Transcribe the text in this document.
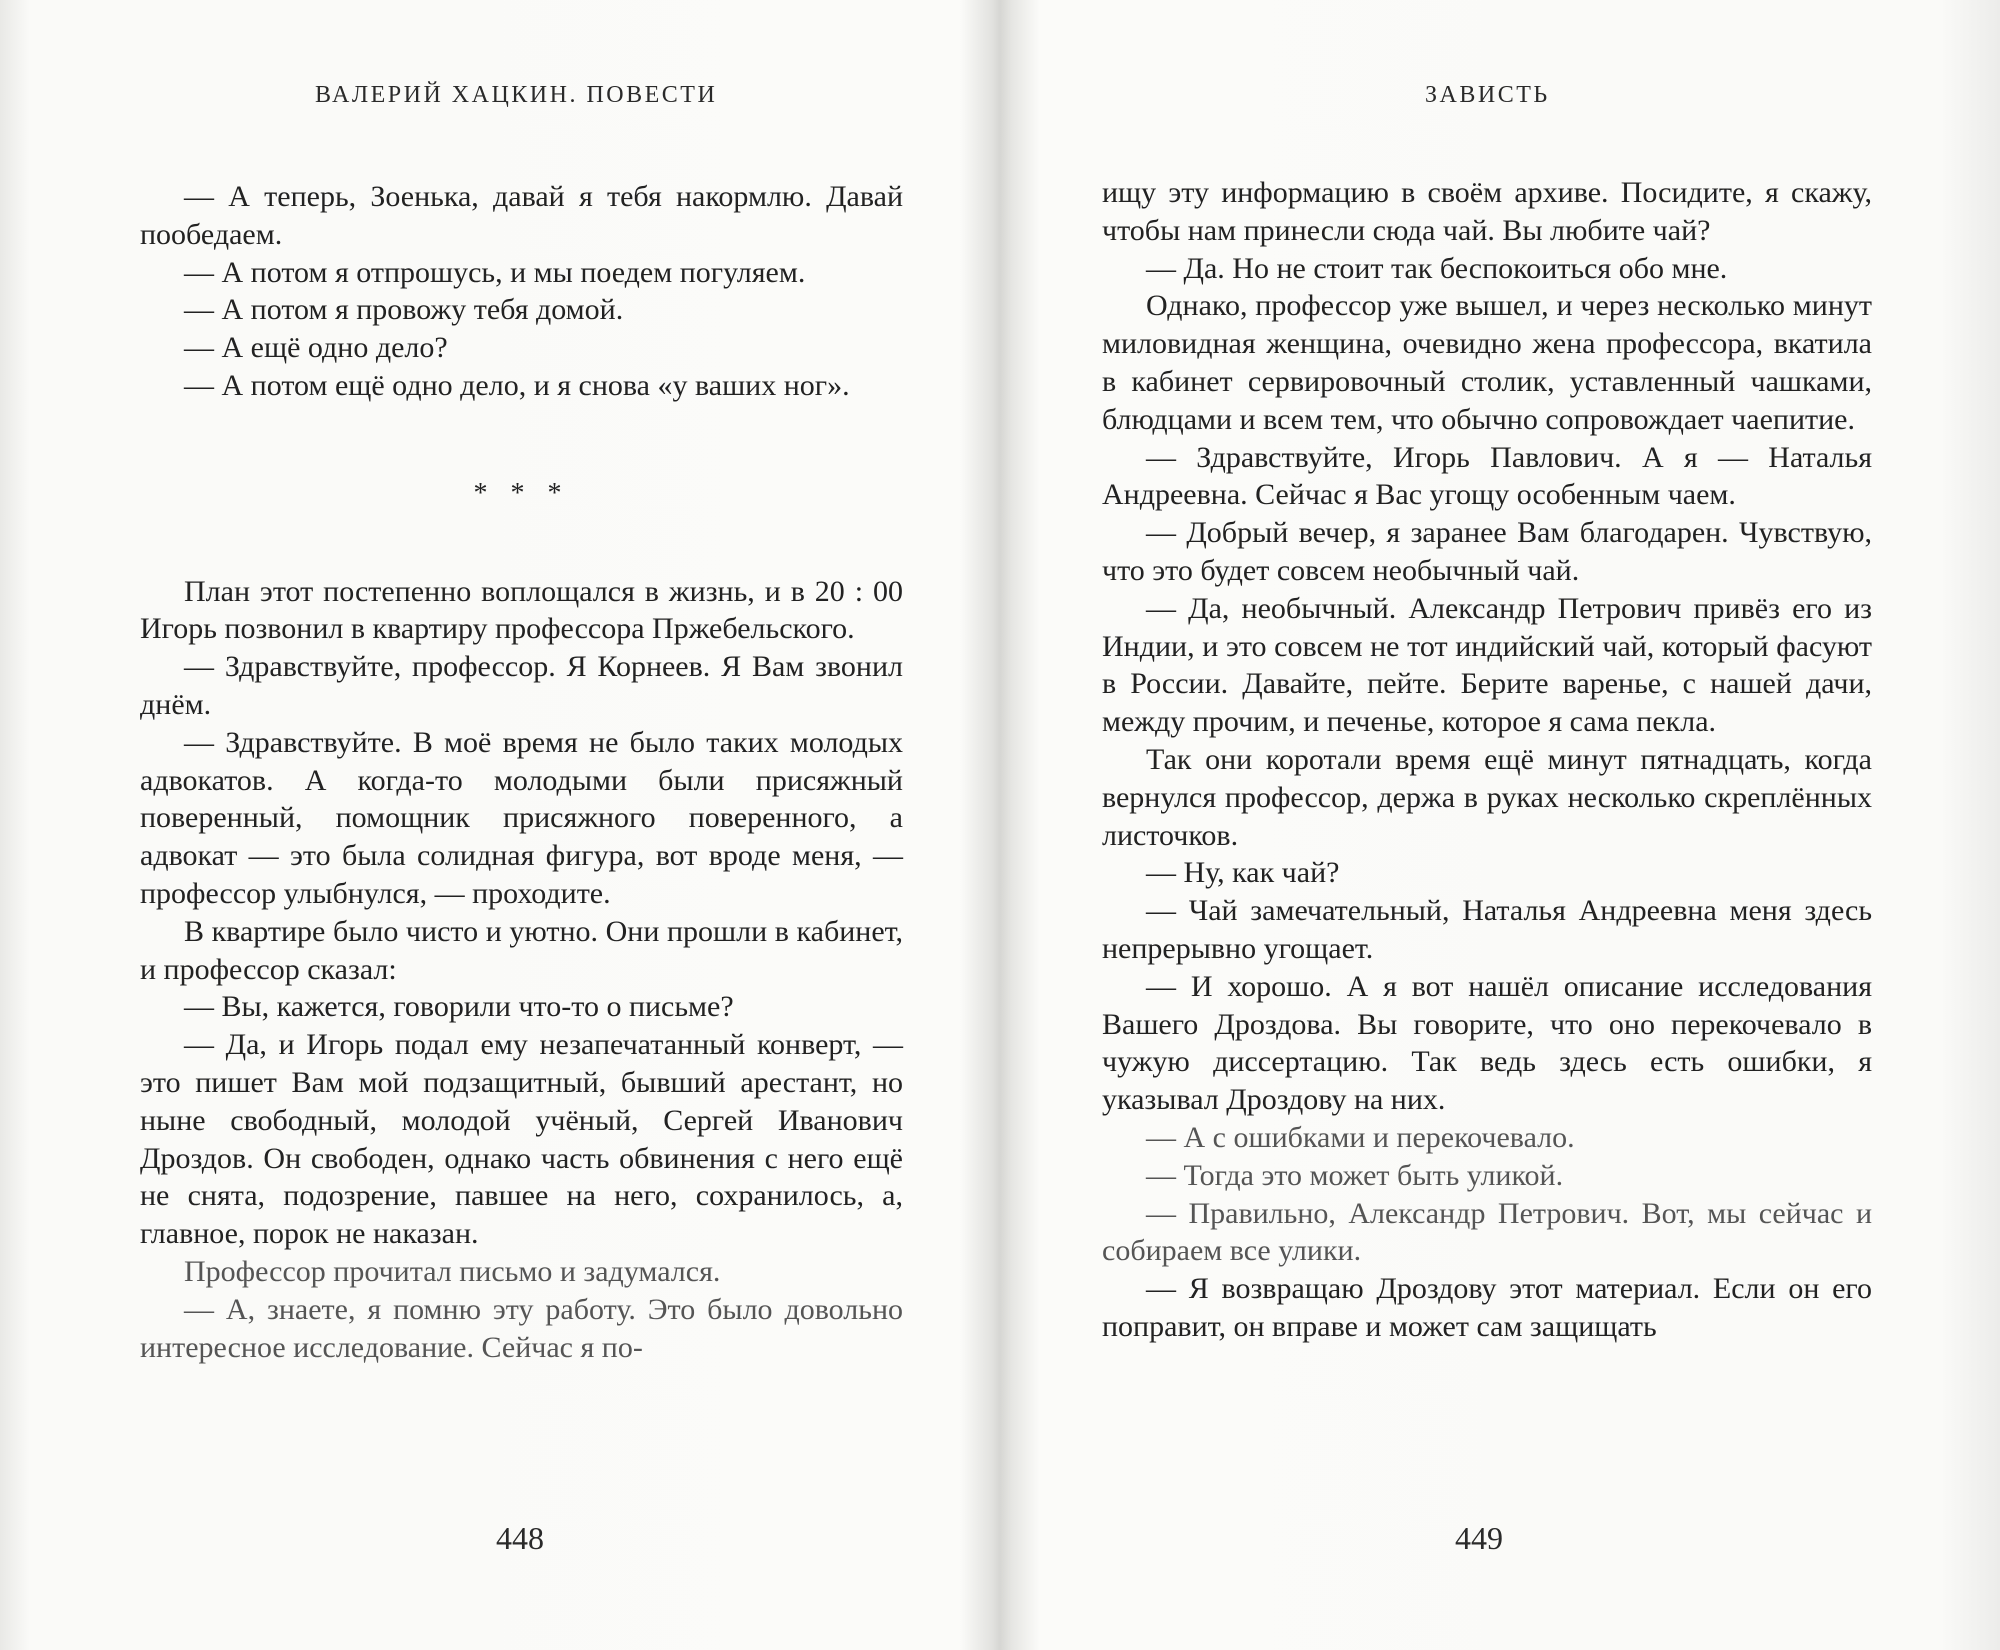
ВАЛЕРИЙ ХАЦКИН. ПОВЕСТИ

— А теперь, Зоенька, давай я тебя накормлю. Давай пообедаем.

— А потом я отпрошусь, и мы поедем погуляем.

— А потом я провожу тебя домой.

— А ещё одно дело?

— А потом ещё одно дело, и я снова «у ваших ног».

* * *

План этот постепенно воплощался в жизнь, и в 20 : 00 Игорь позвонил в квартиру профессора Пржебельского.

— Здравствуйте, профессор. Я Корнеев. Я Вам звонил днём.

— Здравствуйте. В моё время не было таких молодых адвокатов. А когда-то молодыми были присяжный поверенный, помощник присяжного поверенного, а адвокат — это была солидная фигура, вот вроде меня, — профессор улыбнулся, — проходите.

В квартире было чисто и уютно. Они прошли в кабинет, и профессор сказал:

— Вы, кажется, говорили что-то о письме?

— Да, и Игорь подал ему незапечатанный конверт, — это пишет Вам мой подзащитный, бывший арестант, но ныне свободный, молодой учёный, Сергей Иванович Дроздов. Он свободен, однако часть обвинения с него ещё не снята, подозрение, павшее на него, сохранилось, а, главное, порок не наказан.

Профессор прочитал письмо и задумался.

— А, знаете, я помню эту работу. Это было довольно интересное исследование. Сейчас я по-

448
ЗАВИСТЬ

ищу эту информацию в своём архиве. Посидите, я скажу, чтобы нам принесли сюда чай. Вы любите чай?

— Да. Но не стоит так беспокоиться обо мне.

Однако, профессор уже вышел, и через несколько минут миловидная женщина, очевидно жена профессора, вкатила в кабинет сервировочный столик, уставленный чашками, блюдцами и всем тем, что обычно сопровождает чаепитие.

— Здравствуйте, Игорь Павлович. А я — Наталья Андреевна. Сейчас я Вас угощу особенным чаем.

— Добрый вечер, я заранее Вам благодарен. Чувствую, что это будет совсем необычный чай.

— Да, необычный. Александр Петрович привёз его из Индии, и это совсем не тот индийский чай, который фасуют в России. Давайте, пейте. Берите варенье, с нашей дачи, между прочим, и печенье, которое я сама пекла.

Так они коротали время ещё минут пятнадцать, когда вернулся профессор, держа в руках несколько скреплённых листочков.

— Ну, как чай?

— Чай замечательный, Наталья Андреевна меня здесь непрерывно угощает.

— И хорошо. А я вот нашёл описание исследования Вашего Дроздова. Вы говорите, что оно перекочевало в чужую диссертацию. Так ведь здесь есть ошибки, я указывал Дроздову на них.

— А с ошибками и перекочевало.

— Тогда это может быть уликой.

— Правильно, Александр Петрович. Вот, мы сейчас и собираем все улики.

— Я возвращаю Дроздову этот материал. Если он его поправит, он вправе и может сам защищать

449
